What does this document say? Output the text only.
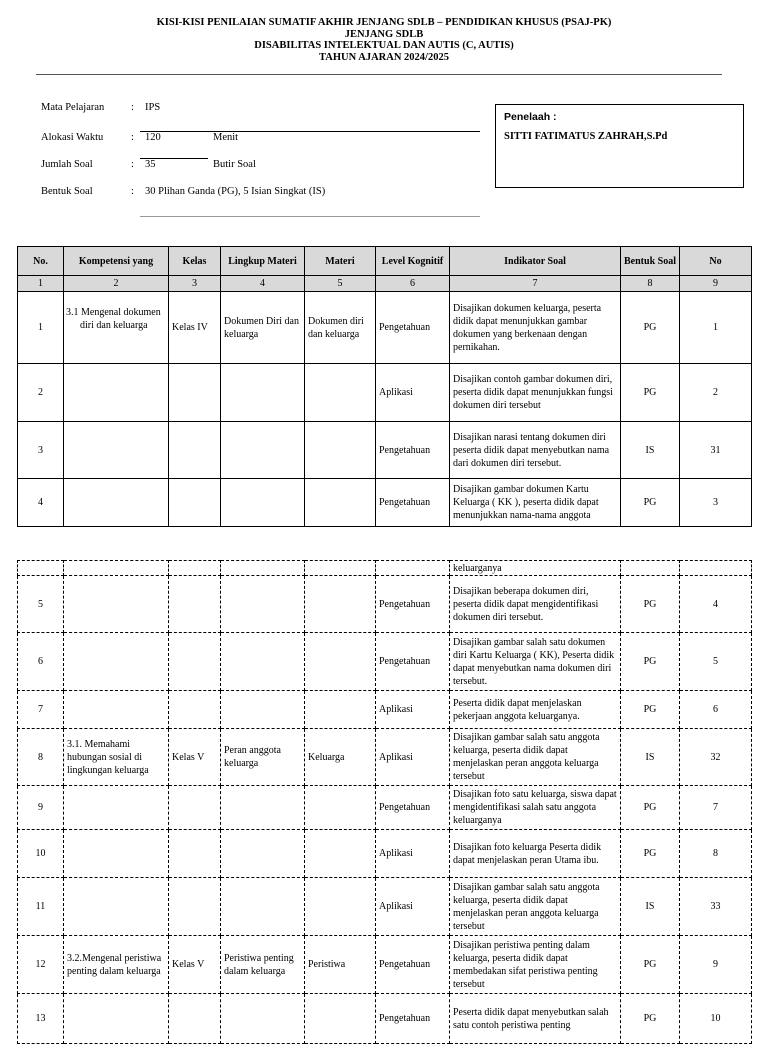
KISI-KISI PENILAIAN SUMATIF AKHIR JENJANG SDLB – PENDIDIKAN KHUSUS (PSAJ-PK)
JENJANG SDLB
DISABILITAS INTELEKTUAL DAN AUTIS (C, AUTIS)
TAHUN AJARAN 2024/2025
Mata Pelajaran	: IPS
Alokasi Waktu	: 120	Menit
Jumlah Soal	: 35	Butir Soal
Bentuk Soal	: 30 Plihan Ganda (PG), 5 Isian Singkat (IS)
Penelaah :
SITTI FATIMATUS ZAHRAH,S.Pd
No.	Kompetensi yang	Kelas	Lingkup Materi	Materi	Level Kognitif	Indikator Soal	Bentuk Soal	No
1	2	3	4	5	6	7	8	9
1	3.1 Mengenal dokumen diri dan keluarga	Kelas IV	Dokumen Diri dan keluarga	Dokumen diri dan keluarga	Pengetahuan	Disajikan dokumen keluarga, peserta didik dapat menunjukkan gambar dokumen yang berkenaan dengan pernikahan.	PG	1
2					Aplikasi	Disajikan contoh gambar dokumen diri, peserta didik dapat menunjukkan fungsi dokumen diri tersebut	PG	2
3					Pengetahuan	Disajikan narasi tentang dokumen diri peserta didik dapat menyebutkan nama dari dokumen diri tersebut.	IS	31
4					Pengetahuan	Disajikan gambar dokumen Kartu Keluarga ( KK ), peserta didik dapat menunjukkan nama-nama anggota	PG	3
						keluarganya		
5					Pengetahuan	Disajikan beberapa dokumen diri, peserta didik dapat mengidentifikasi dokumen diri tersebut.	PG	4
6					Pengetahuan	Disajikan gambar salah satu dokumen diri Kartu Keluarga ( KK), Peserta didik dapat menyebutkan nama dokumen diri tersebut.	PG	5
7					Aplikasi	Peserta didik dapat menjelaskan pekerjaan anggota keluarganya.	PG	6
8	3.1. Memahami hubungan sosial di lingkungan keluarga	Kelas V	Peran anggota keluarga	Keluarga	Aplikasi	Disajikan gambar salah satu anggota keluarga, peserta didik dapat menjelaskan peran anggota keluarga tersebut	IS	32
9					Pengetahuan	Disajikan foto satu keluarga, siswa dapat mengidentifikasi salah satu anggota keluarganya	PG	7
10					Aplikasi	Disajikan foto keluarga Peserta didik dapat menjelaskan peran Utama ibu.	PG	8
11					Aplikasi	Disajikan gambar salah satu anggota keluarga, peserta didik dapat menjelaskan peran anggota keluarga tersebut	IS	33
12	3.2.Mengenal peristiwa penting dalam keluarga	Kelas V	Peristiwa penting dalam keluarga	Peristiwa	Pengetahuan	Disajikan peristiwa penting dalam keluarga, peserta didik dapat membedakan sifat peristiwa penting tersebut	PG	9
13					Pengetahuan	Peserta didik dapat menyebutkan salah satu contoh peristiwa penting	PG	10
